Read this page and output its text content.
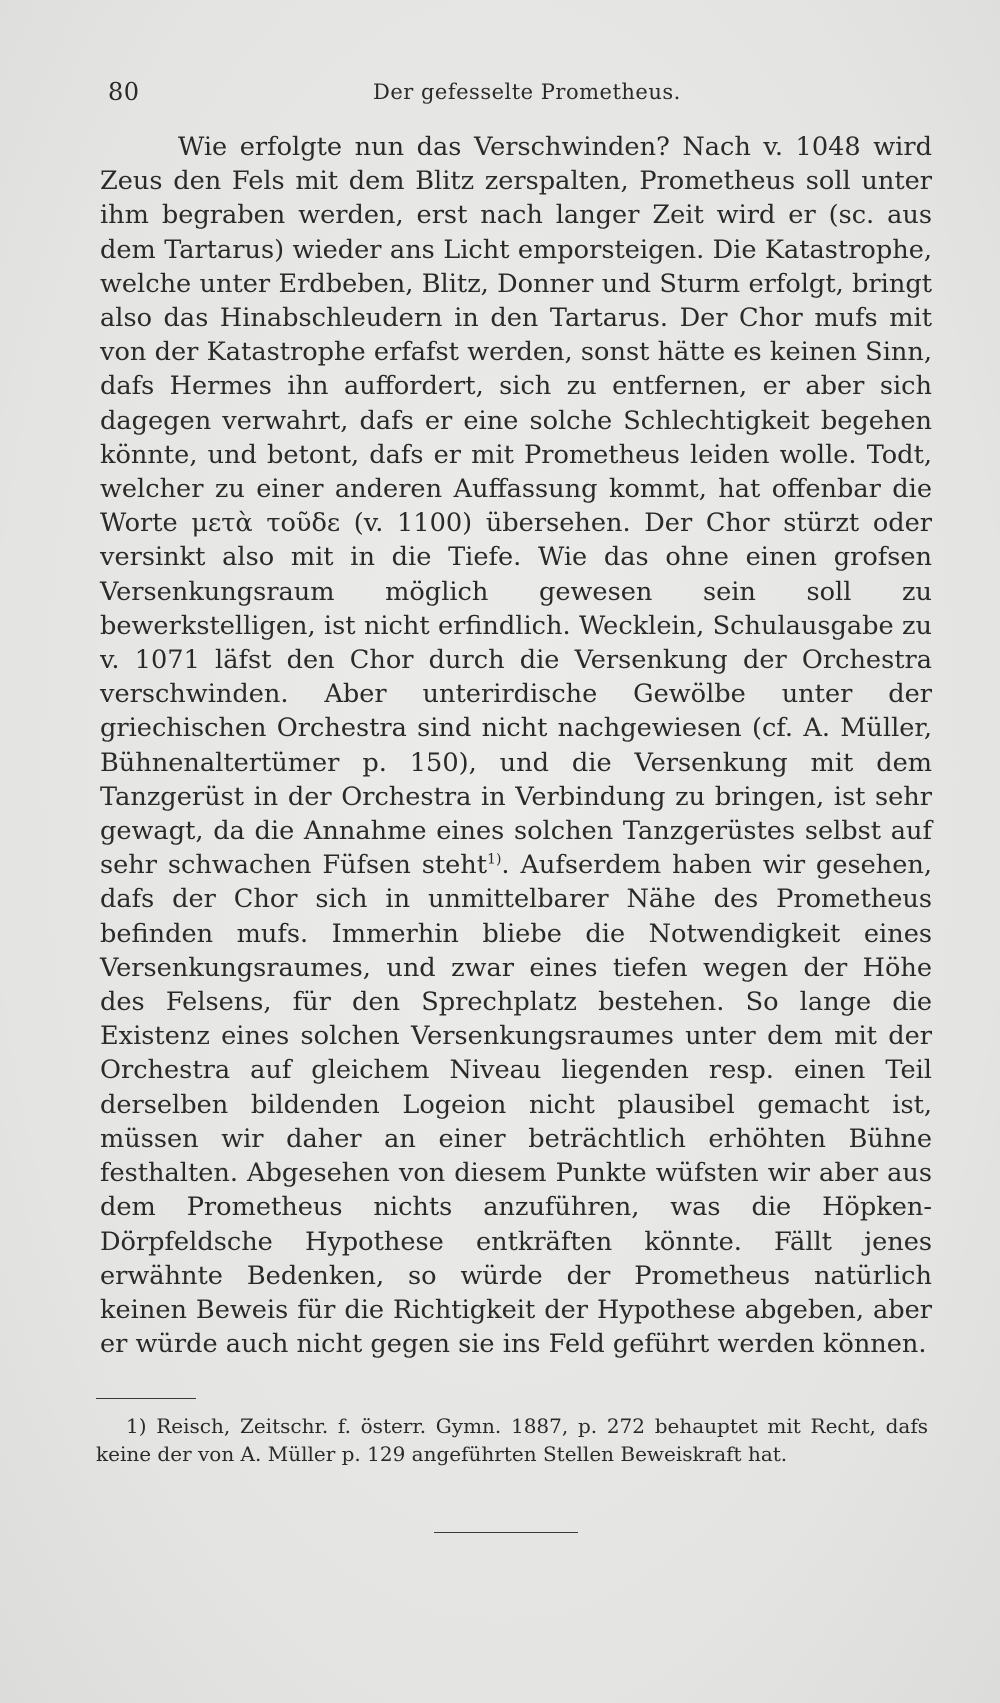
80	Der gefesselte Prometheus.

Wie erfolgte nun das Verschwinden? Nach v. 1048 wird Zeus den Fels mit dem Blitz zerspalten, Prometheus soll unter ihm begraben werden, erst nach langer Zeit wird er (sc. aus dem Tartarus) wieder ans Licht emporsteigen. Die Katastrophe, welche unter Erdbeben, Blitz, Donner und Sturm erfolgt, bringt also das Hinabschleudern in den Tartarus. Der Chor mufs mit von der Katastrophe erfafst werden, sonst hätte es keinen Sinn, dafs Hermes ihn auffordert, sich zu entfernen, er aber sich dagegen verwahrt, dafs er eine solche Schlechtigkeit begehen könnte, und betont, dafs er mit Prometheus leiden wolle. Todt, welcher zu einer anderen Auffassung kommt, hat offenbar die Worte μετὰ τοῦδε (v. 1100) übersehen. Der Chor stürzt oder versinkt also mit in die Tiefe. Wie das ohne einen grofsen Versenkungsraum möglich gewesen sein soll zu bewerkstelligen, ist nicht erfindlich. Wecklein, Schulausgabe zu v. 1071 läfst den Chor durch die Versenkung der Orchestra verschwinden. Aber unterirdische Gewölbe unter der griechischen Orchestra sind nicht nachgewiesen (cf. A. Müller, Bühnenaltertümer p. 150), und die Versenkung mit dem Tanzgerüst in der Orchestra in Verbindung zu bringen, ist sehr gewagt, da die Annahme eines solchen Tanzgerüstes selbst auf sehr schwachen Füfsen steht$^{1)}$. Aufserdem haben wir gesehen, dafs der Chor sich in unmittelbarer Nähe des Prometheus befinden mufs. Immerhin bliebe die Notwendigkeit eines Versenkungsraumes, und zwar eines tiefen wegen der Höhe des Felsens, für den Sprechplatz bestehen. So lange die Existenz eines solchen Versenkungsraumes unter dem mit der Orchestra auf gleichem Niveau liegenden resp. einen Teil derselben bildenden Logeion nicht plausibel gemacht ist, müssen wir daher an einer beträchtlich erhöhten Bühne festhalten. Abgesehen von diesem Punkte wüfsten wir aber aus dem Prometheus nichts anzuführen, was die Höpken-Dörpfeldsche Hypothese entkräften könnte. Fällt jenes erwähnte Bedenken, so würde der Prometheus natürlich keinen Beweis für die Richtigkeit der Hypothese abgeben, aber er würde auch nicht gegen sie ins Feld geführt werden können.

1) Reisch, Zeitschr. f. österr. Gymn. 1887, p. 272 behauptet mit Recht, dafs keine der von A. Müller p. 129 angeführten Stellen Beweiskraft hat.
